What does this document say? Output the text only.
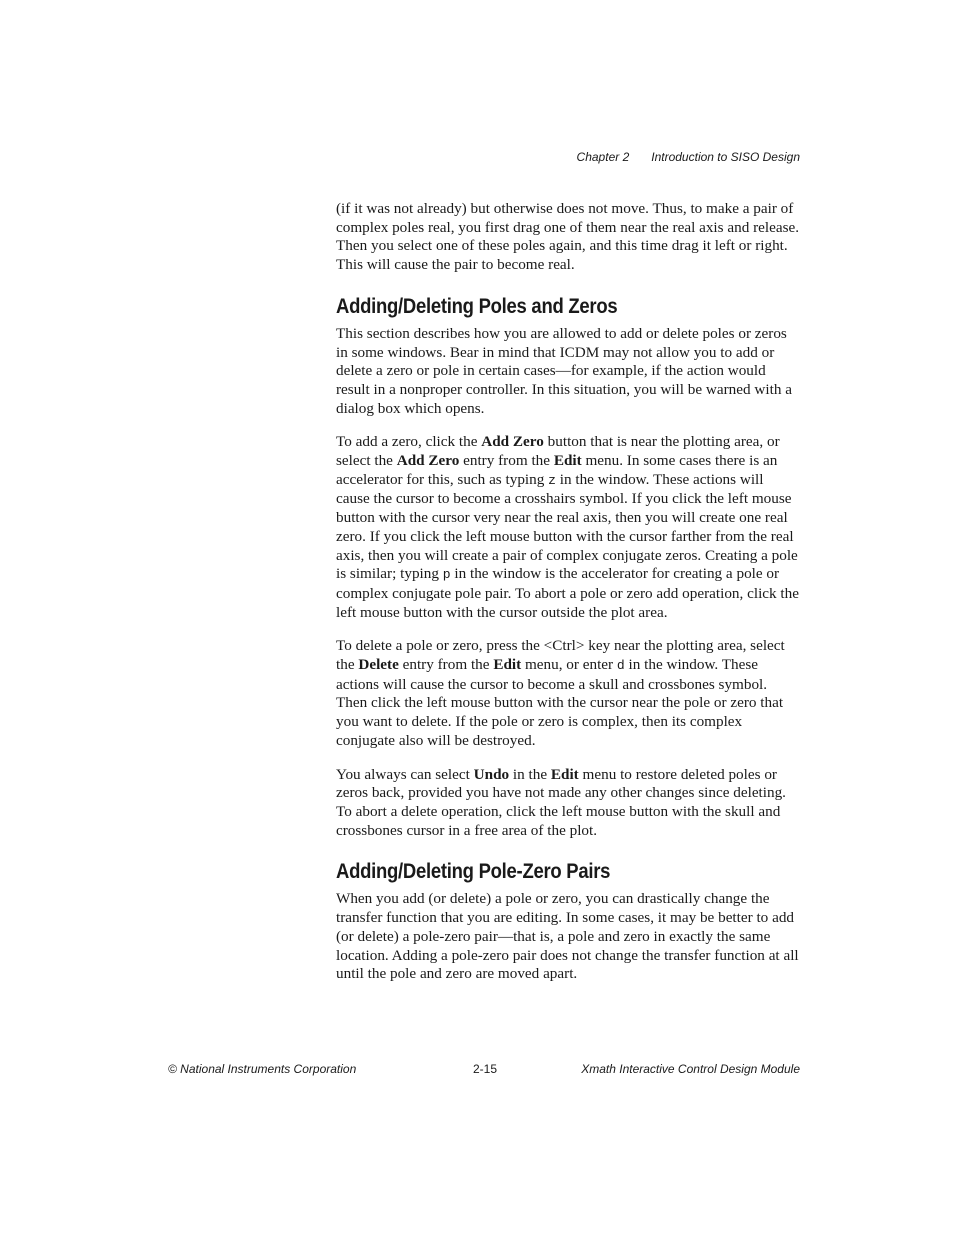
Chapter 2 Introduction to SISO Design

(if it was not already) but otherwise does not move. Thus, to make a pair of complex poles real, you first drag one of them near the real axis and release. Then you select one of these poles again, and this time drag it left or right. This will cause the pair to become real.

Adding/Deleting Poles and Zeros

This section describes how you are allowed to add or delete poles or zeros in some windows. Bear in mind that ICDM may not allow you to add or delete a zero or pole in certain cases—for example, if the action would result in a nonproper controller. In this situation, you will be warned with a dialog box which opens.

To add a zero, click the Add Zero button that is near the plotting area, or select the Add Zero entry from the Edit menu. In some cases there is an accelerator for this, such as typing z in the window. These actions will cause the cursor to become a crosshairs symbol. If you click the left mouse button with the cursor very near the real axis, then you will create one real zero. If you click the left mouse button with the cursor farther from the real axis, then you will create a pair of complex conjugate zeros. Creating a pole is similar; typing p in the window is the accelerator for creating a pole or complex conjugate pole pair. To abort a pole or zero add operation, click the left mouse button with the cursor outside the plot area.

To delete a pole or zero, press the <Ctrl> key near the plotting area, select the Delete entry from the Edit menu, or enter d in the window. These actions will cause the cursor to become a skull and crossbones symbol. Then click the left mouse button with the cursor near the pole or zero that you want to delete. If the pole or zero is complex, then its complex conjugate also will be destroyed.

You always can select Undo in the Edit menu to restore deleted poles or zeros back, provided you have not made any other changes since deleting. To abort a delete operation, click the left mouse button with the skull and crossbones cursor in a free area of the plot.

Adding/Deleting Pole-Zero Pairs

When you add (or delete) a pole or zero, you can drastically change the transfer function that you are editing. In some cases, it may be better to add (or delete) a pole-zero pair—that is, a pole and zero in exactly the same location. Adding a pole-zero pair does not change the transfer function at all until the pole and zero are moved apart.

© National Instruments Corporation	2-15	Xmath Interactive Control Design Module
